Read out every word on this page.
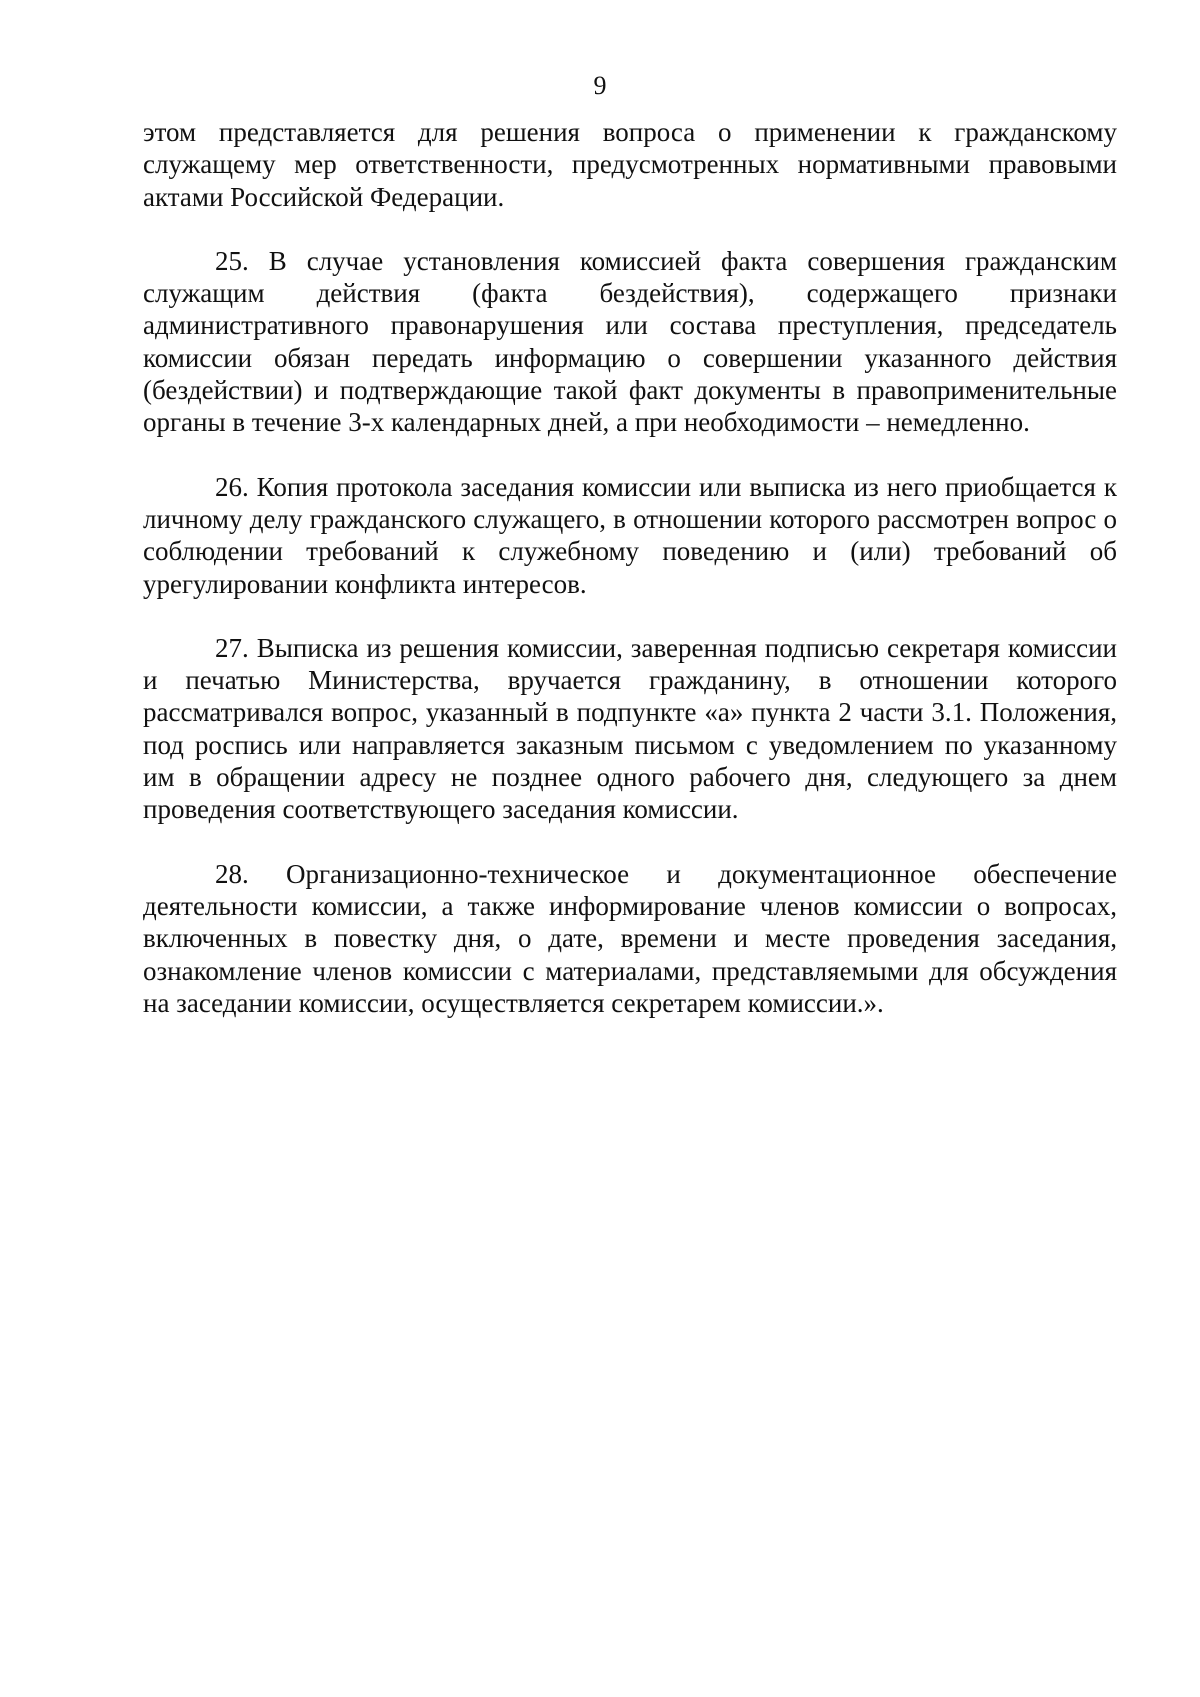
9

этом представляется для решения вопроса о применении к гражданскому служащему мер ответственности, предусмотренных нормативными правовыми актами Российской Федерации.

25. В случае установления комиссией факта совершения гражданским служащим действия (факта бездействия), содержащего признаки административного правонарушения или состава преступления, председатель комиссии обязан передать информацию о совершении указанного действия (бездействии) и подтверждающие такой факт документы в правоприменительные органы в течение 3-х календарных дней, а при необходимости – немедленно.

26. Копия протокола заседания комиссии или выписка из него приобщается к личному делу гражданского служащего, в отношении которого рассмотрен вопрос о соблюдении требований к служебному поведению и (или) требований об урегулировании конфликта интересов.

27. Выписка из решения комиссии, заверенная подписью секретаря комиссии и печатью Министерства, вручается гражданину, в отношении которого рассматривался вопрос, указанный в подпункте «а» пункта 2 части 3.1. Положения, под роспись или направляется заказным письмом с уведомлением по указанному им в обращении адресу не позднее одного рабочего дня, следующего за днем проведения соответствующего заседания комиссии.

28. Организационно-техническое и документационное обеспечение деятельности комиссии, а также информирование членов комиссии о вопросах, включенных в повестку дня, о дате, времени и месте проведения заседания, ознакомление членов комиссии с материалами, представляемыми для обсуждения на заседании комиссии, осуществляется секретарем комиссии.».
